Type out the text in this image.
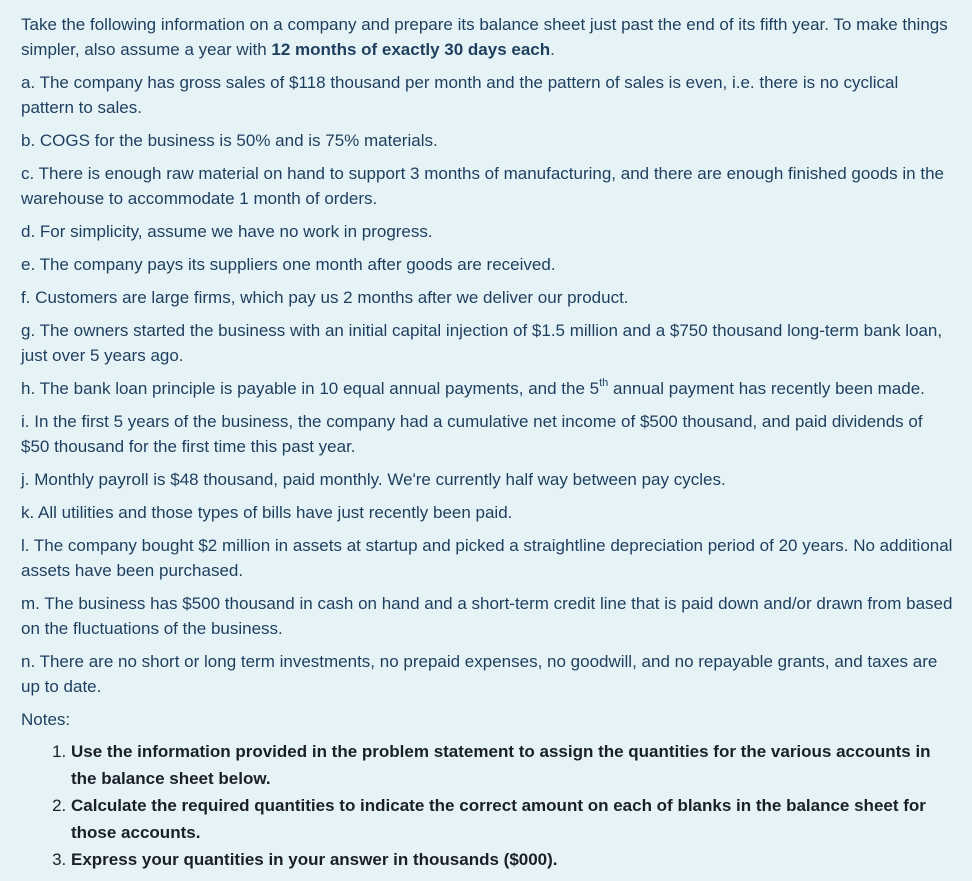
Take the following information on a company and prepare its balance sheet just past the end of its fifth year. To make things simpler, also assume a year with 12 months of exactly 30 days each.

a. The company has gross sales of $118 thousand per month and the pattern of sales is even, i.e. there is no cyclical pattern to sales.

b. COGS for the business is 50% and is 75% materials.

c. There is enough raw material on hand to support 3 months of manufacturing, and there are enough finished goods in the warehouse to accommodate 1 month of orders.

d. For simplicity, assume we have no work in progress.

e. The company pays its suppliers one month after goods are received.

f. Customers are large firms, which pay us 2 months after we deliver our product.

g. The owners started the business with an initial capital injection of $1.5 million and a $750 thousand long-term bank loan, just over 5 years ago.

h. The bank loan principle is payable in 10 equal annual payments, and the 5th annual payment has recently been made.

i. In the first 5 years of the business, the company had a cumulative net income of $500 thousand, and paid dividends of $50 thousand for the first time this past year.

j. Monthly payroll is $48 thousand, paid monthly. We're currently half way between pay cycles.

k. All utilities and those types of bills have just recently been paid.

l. The company bought $2 million in assets at startup and picked a straightline depreciation period of 20 years. No additional assets have been purchased.

m. The business has $500 thousand in cash on hand and a short-term credit line that is paid down and/or drawn from based on the fluctuations of the business.

n. There are no short or long term investments, no prepaid expenses, no goodwill, and no repayable grants, and taxes are up to date.

Notes:

1. Use the information provided in the problem statement to assign the quantities for the various accounts in the balance sheet below.
2. Calculate the required quantities to indicate the correct amount on each of blanks in the balance sheet for those accounts.
3. Express your quantities in your answer in thousands ($000).
